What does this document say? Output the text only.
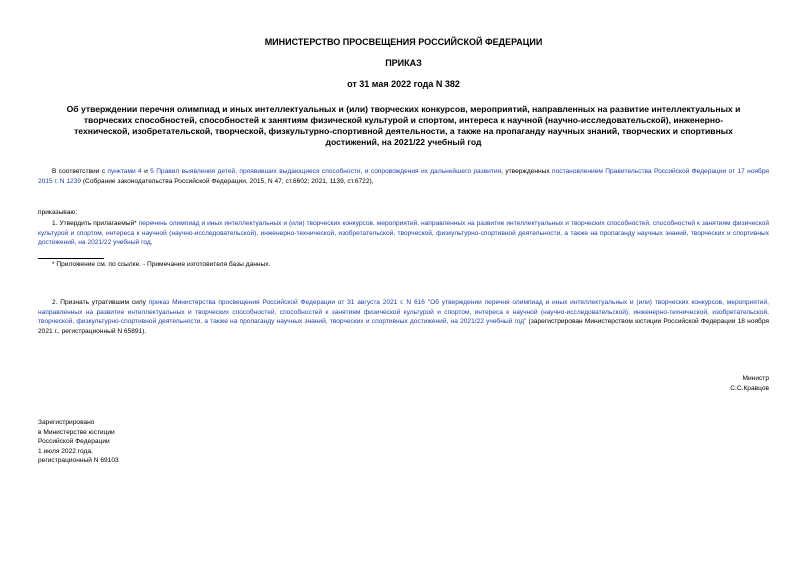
МИНИСТЕРСТВО ПРОСВЕЩЕНИЯ РОССИЙСКОЙ ФЕДЕРАЦИИ
ПРИКАЗ
от 31 мая 2022 года N 382
Об утверждении перечня олимпиад и иных интеллектуальных и (или) творческих конкурсов, мероприятий, направленных на развитие интеллектуальных и творческих способностей, способностей к занятиям физической культурой и спортом, интереса к научной (научно-исследовательской), инженерно-технической, изобретательской, творческой, физкультурно-спортивной деятельности, а также на пропаганду научных знаний, творческих и спортивных достижений, на 2021/22 учебный год
В соответствии с пунктами 4 и 5 Правил выявления детей, проявивших выдающиеся способности, и сопровождения их дальнейшего развития, утвержденных постановлением Правительства Российской Федерации от 17 ноября 2015 г. N 1239 (Собрание законодательства Российской Федерации, 2015, N 47, ст.6602; 2021, 1139, ст.6722),
приказываю:
1. Утвердить прилагаемый* перечень олимпиад и иных интеллектуальных и (или) творческих конкурсов, мероприятий, направленных на развитие интеллектуальных и творческих способностей, способностей к занятиям физической культурой и спортом, интереса к научной (научно-исследовательской), инженерно-технической, изобретательской, творческой, физкультурно-спортивной деятельности, а также на пропаганду научных знаний, творческих и спортивных достижений, на 2021/22 учебный год.
* Приложение см. по ссылке. - Примечание изготовителя базы данных.
2. Признать утратившим силу приказ Министерства просвещения Российской Федерации от 31 августа 2021 г. N 616 "Об утверждении перечня олимпиад и иных интеллектуальных и (или) творческих конкурсов, мероприятий, направленных на развитие интеллектуальных и творческих способностей, способностей к занятиям физической культурой и спортом, интереса к научной (научно-исследовательской), инженерно-технической, изобретательской, творческой, физкультурно-спортивной деятельности, а также на пропаганду научных знаний, творческих и спортивных достижений, на 2021/22 учебный год" (зарегистрирован Министерством юстиции Российской Федерации 18 ноября 2021 г., регистрационный N 65891).
Министр
С.С.Кравцов
Зарегистрировано
в Министерстве юстиции
Российской Федерации
1 июля 2022 года,
регистрационный N 69103
